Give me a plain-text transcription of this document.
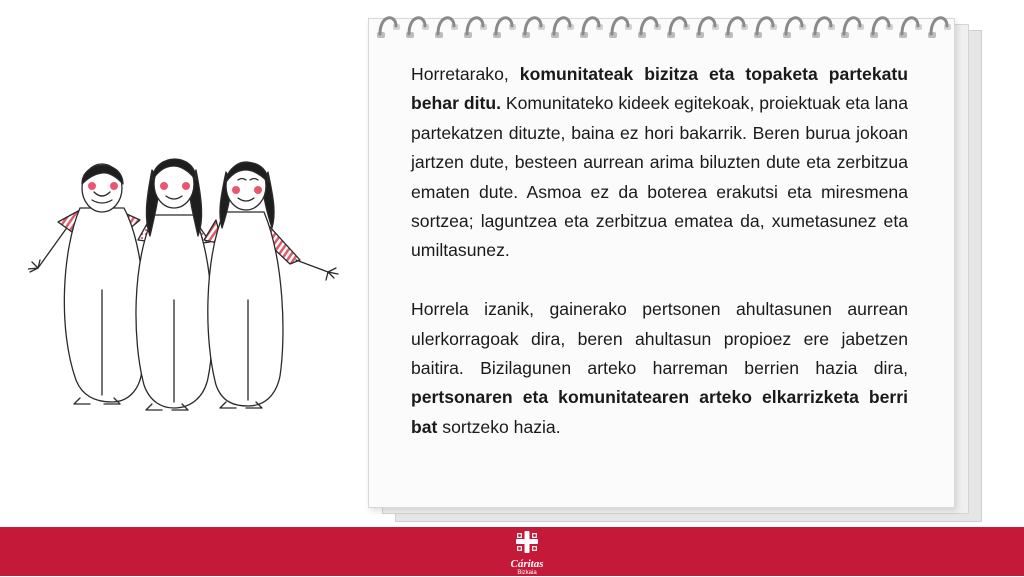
Horretarako, komunitateak bizitza eta topaketa partekatu behar ditu. Komunitateko kideek egitekoak, proiektuak eta lana partekatzen dituzte, baina ez hori bakarrik. Beren burua jokoan jartzen dute, besteen aurrean arima biluzten dute eta zerbitzua ematen dute. Asmoa ez da boterea erakutsi eta miresmena sortzea; laguntzea eta zerbitzua ematea da, xumetasunez eta umiltasunez.

Horrela izanik, gainerako pertsonen ahultasunen aurrean ulerkorragoak dira, beren ahultasun propioez ere jabetzen baitira. Bizilagunen arteko harreman berrien hazia dira, pertsonaren eta komunitatearen arteko elkarrizketa berri bat sortzeko hazia.

Cáritas
Bizkaia
